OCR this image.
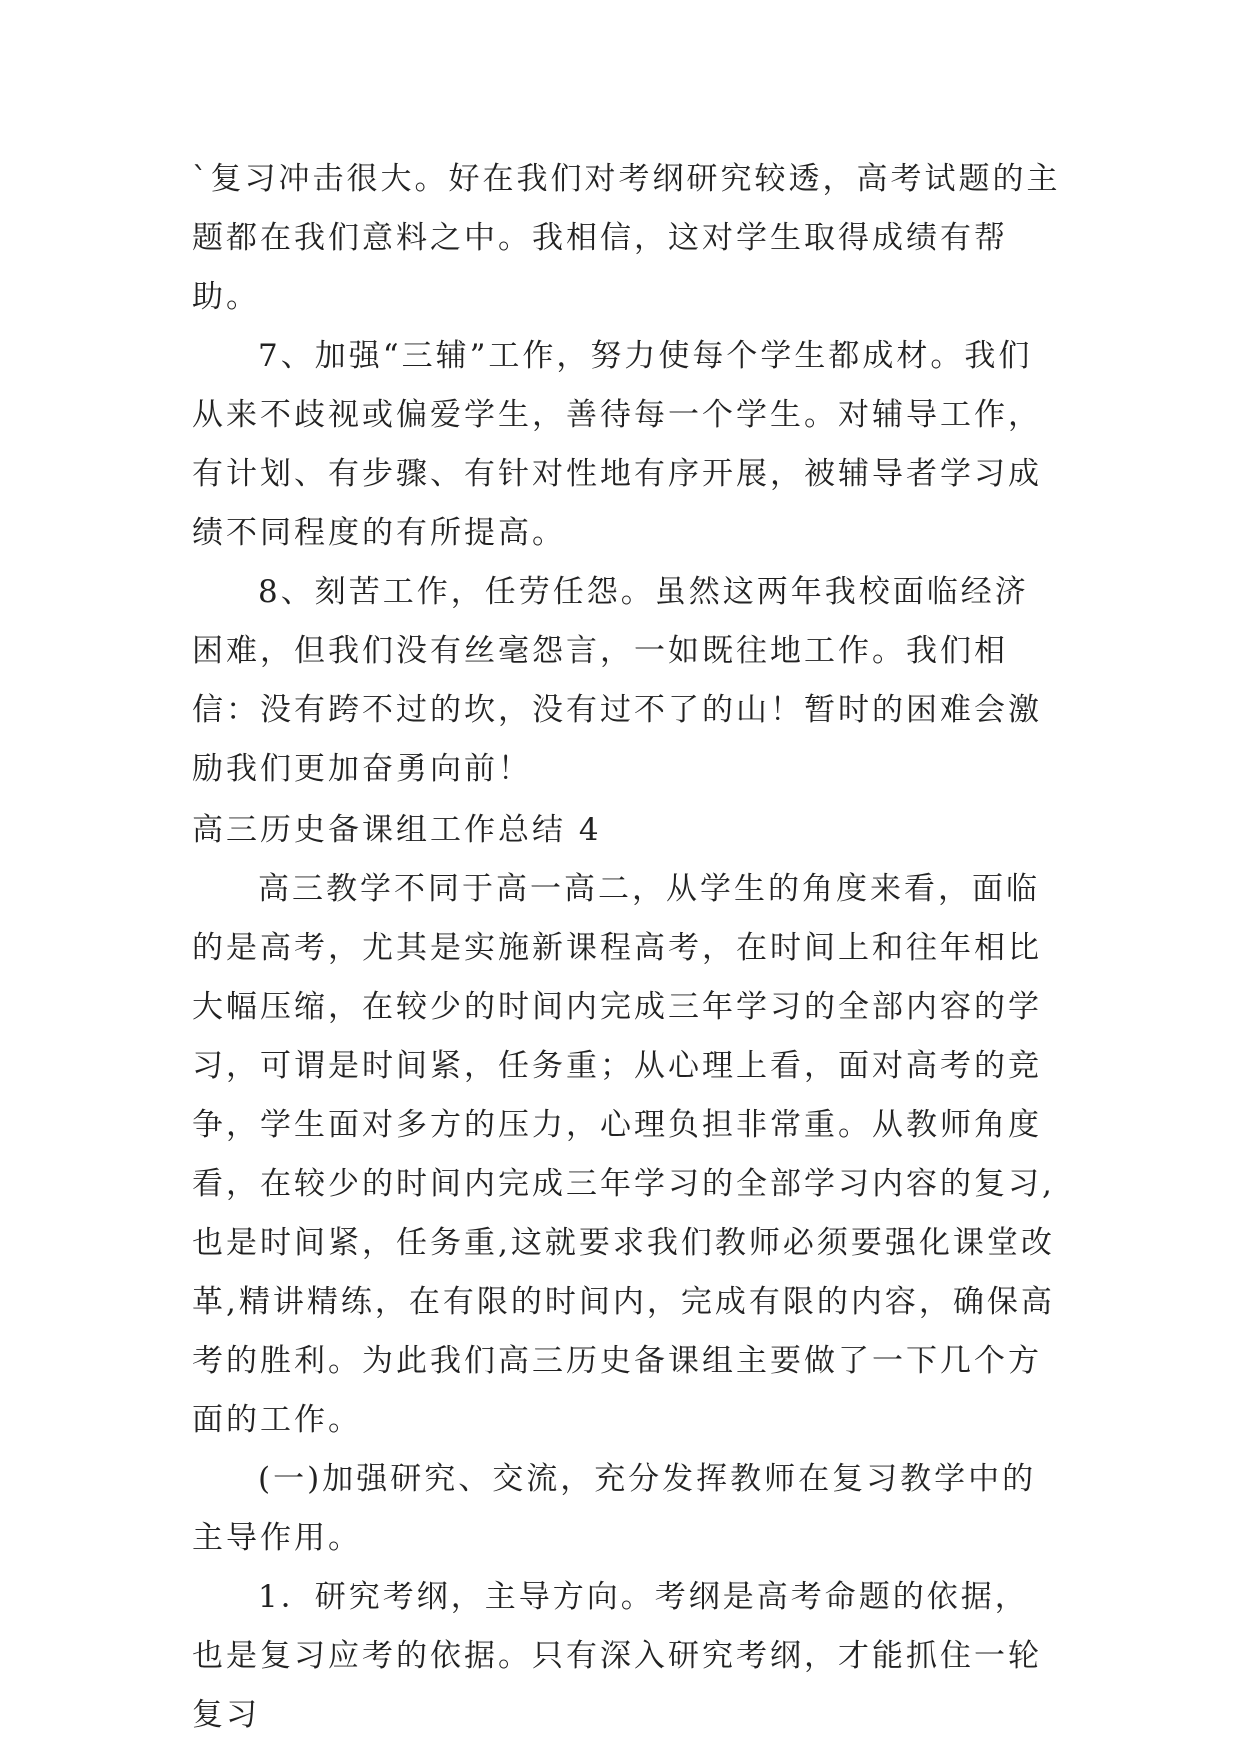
`复习冲击很大。好在我们对考纲研究较透，高考试题的主题都在我们意料之中。我相信，这对学生取得成绩有帮助。

7、加强“三辅”工作，努力使每个学生都成材。我们从来不歧视或偏爱学生，善待每一个学生。对辅导工作，有计划、有步骤、有针对性地有序开展，被辅导者学习成绩不同程度的有所提高。

8、刻苦工作，任劳任怨。虽然这两年我校面临经济困难，但我们没有丝毫怨言，一如既往地工作。我们相信：没有跨不过的坎，没有过不了的山！暂时的困难会激励我们更加奋勇向前！

高三历史备课组工作总结 4

高三教学不同于高一高二，从学生的角度来看，面临的是高考，尤其是实施新课程高考，在时间上和往年相比大幅压缩，在较少的时间内完成三年学习的全部内容的学习，可谓是时间紧，任务重；从心理上看，面对高考的竞争，学生面对多方的压力，心理负担非常重。从教师角度看，在较少的时间内完成三年学习的全部学习内容的复习,也是时间紧，任务重,这就要求我们教师必须要强化课堂改革,精讲精练，在有限的时间内，完成有限的内容，确保高考的胜利。为此我们高三历史备课组主要做了一下几个方面的工作。

(一)加强研究、交流，充分发挥教师在复习教学中的主导作用。

1．研究考纲，主导方向。考纲是高考命题的依据，也是复习应考的依据。只有深入研究考纲，才能抓住一轮复习
